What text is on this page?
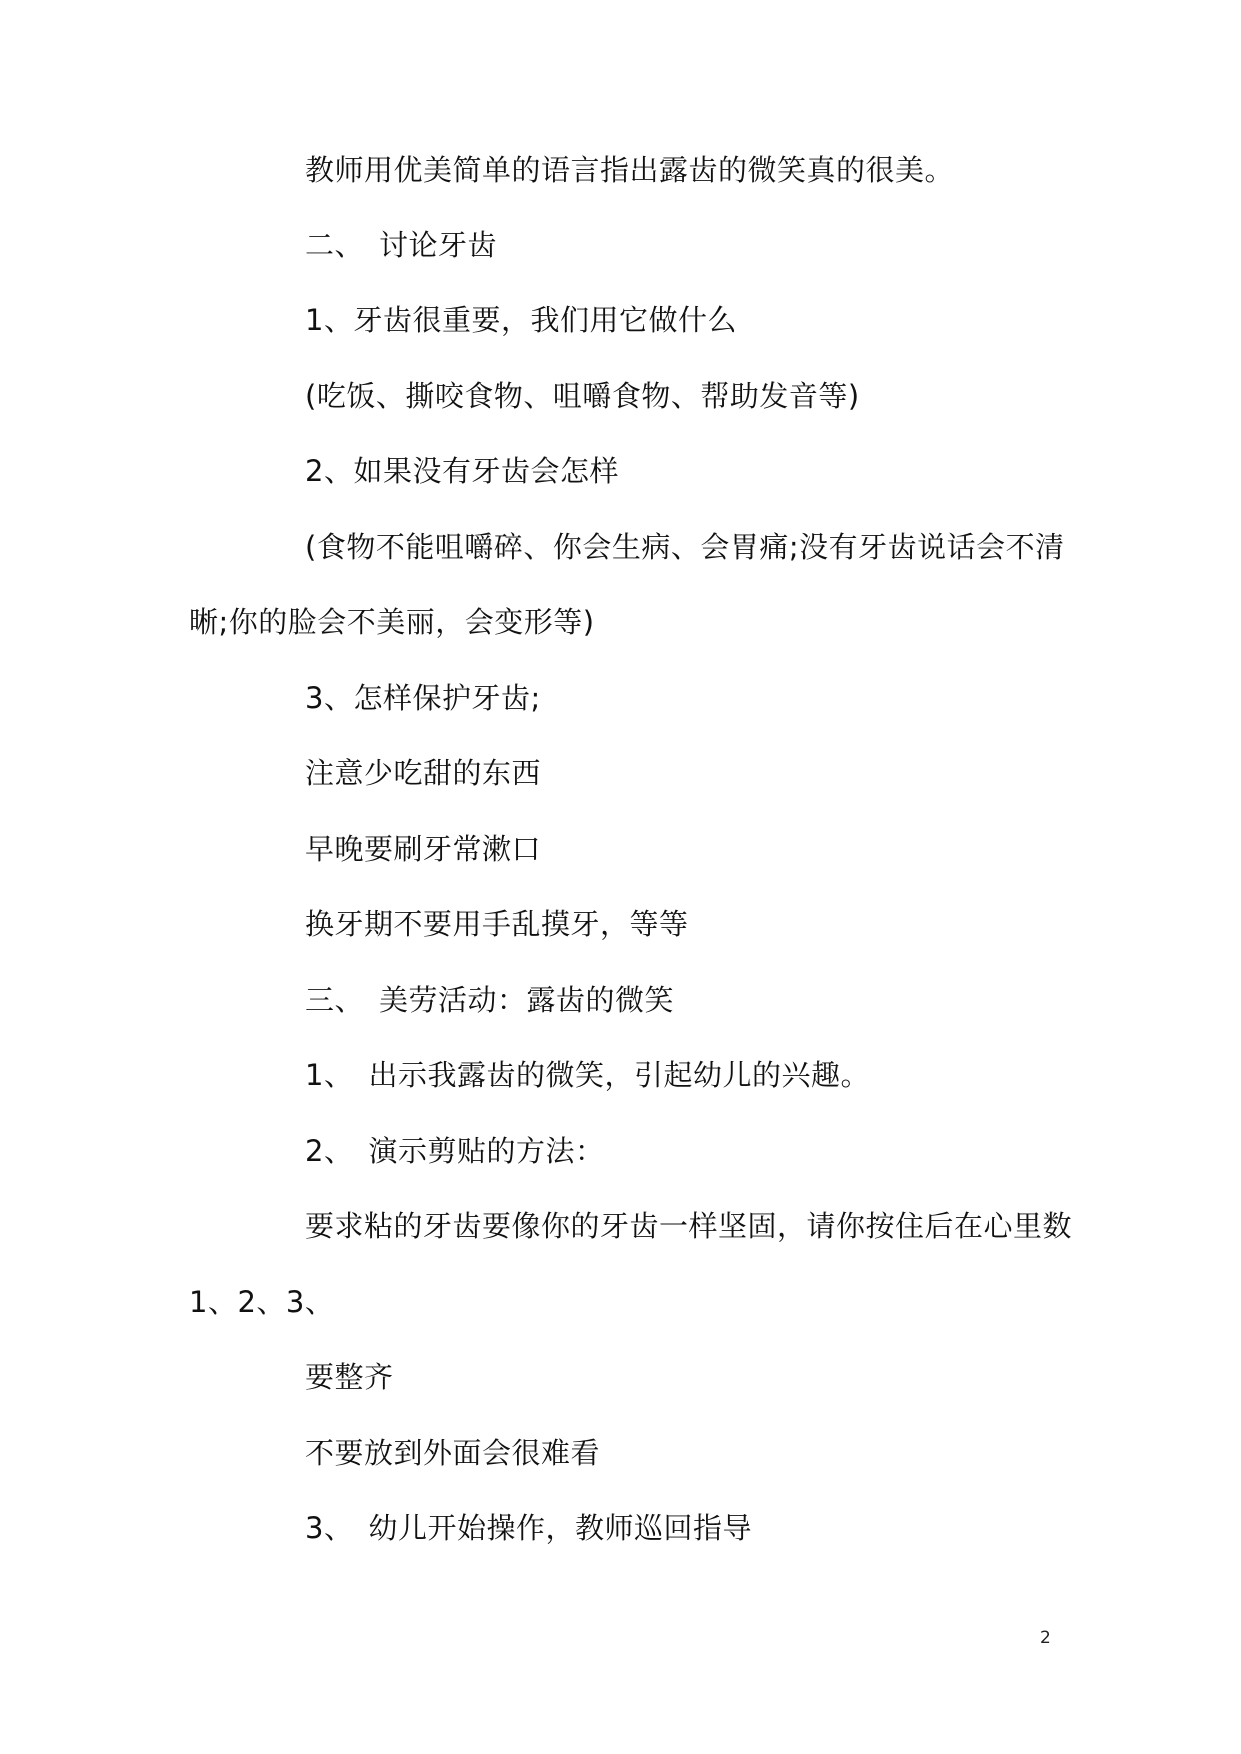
教师用优美简单的语言指出露齿的微笑真的很美。
二、　讨论牙齿
1、牙齿很重要，我们用它做什么
(吃饭、撕咬食物、咀嚼食物、帮助发音等)
2、如果没有牙齿会怎样
(食物不能咀嚼碎、你会生病、会胃痛;没有牙齿说话会不清
晰;你的脸会不美丽，会变形等)
3、怎样保护牙齿;
注意少吃甜的东西
早晚要刷牙常漱口
换牙期不要用手乱摸牙，等等
三、　美劳活动：露齿的微笑
1、　出示我露齿的微笑，引起幼儿的兴趣。
2、　演示剪贴的方法：
要求粘的牙齿要像你的牙齿一样坚固，请你按住后在心里数
1、2、3、
要整齐
不要放到外面会很难看
3、　幼儿开始操作，教师巡回指导
2
